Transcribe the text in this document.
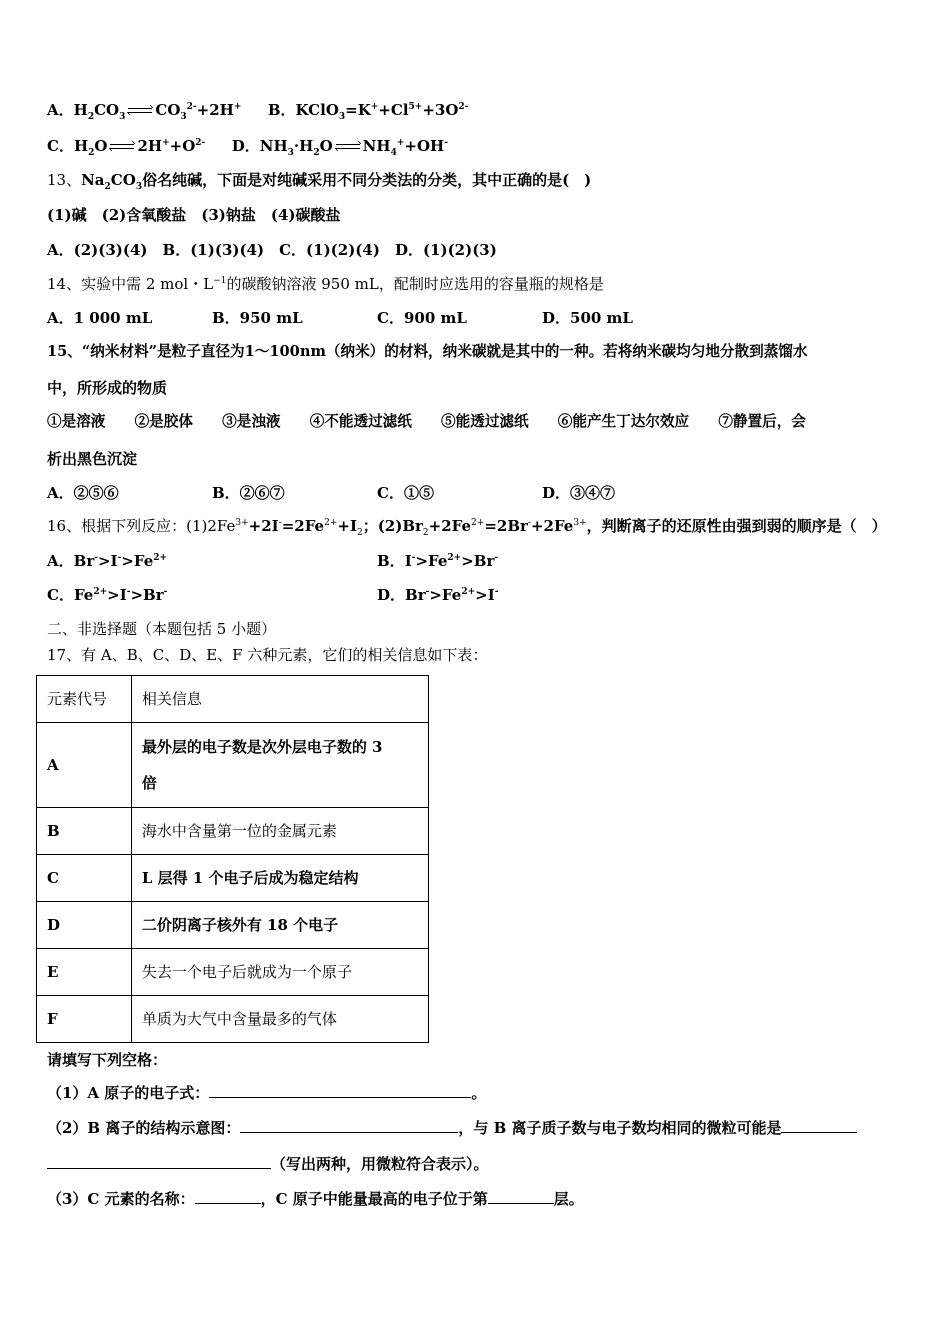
A．$H_2CO_3$ $CO_3^{2-}+2H^+$ B．$KClO_3=K^++Cl^{5+}+3O^{2-}$
C．$H_2O$ $2H^++O^{2-}$ D．$NH_3\cdot H_2O$ $NH_4^++OH^-$
13、$Na_2CO_3$俗名纯碱，下面是对纯碱采用不同分类法的分类，其中正确的是(　)
(1)碱　(2)含氧酸盐　(3)钠盐　(4)碳酸盐
A．(2)(3)(4)　B．(1)(3)(4)　C．(1)(2)(4)　D．(1)(2)(3)
14、实验中需 2 mol・$L^{-1}$的碳酸钠溶液 950 mL，配制时应选用的容量瓶的规格是
A．1 000 mL	B．950 mL	C．900 mL	D．500 mL
15、“纳米材料”是粒子直径为1～100nm（纳米）的材料，纳米碳就是其中的一种。若将纳米碳均匀地分散到蒸馏水
中，所形成的物质
①是溶液　　②是胶体　　③是浊液　　④不能透过滤纸　　⑤能透过滤纸　　⑥能产生丁达尔效应　　⑦静置后，会
析出黑色沉淀
A．②⑤⑥	B．②⑥⑦	C．①⑤	D．③④⑦
16、根据下列反应：$(1)2Fe^{3+}+2I^-=2Fe^{2+}+I_2$；$(2)Br_2+2Fe^{2+}=2Br^-+2Fe^{3+}$，判断离子的还原性由强到弱的顺序是（　）
A．$Br^->I^->Fe^{2+}$	B．$I^->Fe^{2+}>Br^-$
C．$Fe^{2+}>I^->Br^-$	D．$Br^->Fe^{2+}>I^-$
二、非选择题（本题包括 5 小题）
17、有 A、B、C、D、E、F 六种元素，它们的相关信息如下表：
元素代号	相关信息
A	最外层的电子数是次外层电子数的 3
倍

B	海水中含量第一位的金属元素
C	L 层得 1 个电子后成为稳定结构
D	二价阴离子核外有 18 个电子
E	失去一个电子后就成为一个原子
F	单质为大气中含量最多的气体
请填写下列空格：
（1）A 原子的电子式：	。
（2）B 离子的结构示意图：	，与 B 离子质子数与电子数均相同的微粒可能是
（写出两种，用微粒符合表示）。
（3）C 元素的名称：	，C 原子中能量最高的电子位于第	层。
